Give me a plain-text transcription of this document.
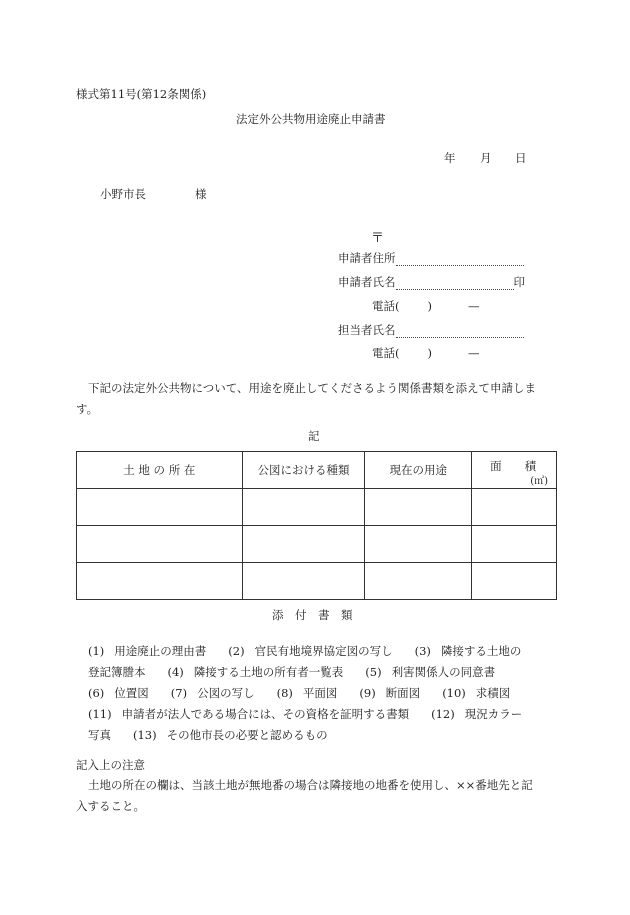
様式第11号(第12条関係)
法定外公共物用途廃止申請書
年 月 日
小野市長	様
〒
申請者住所
申請者氏名	印
電話( )	—
担当者氏名
電話( )	—
下記の法定外公共物について、用途を廃止してくださるよう関係書類を添えて申請しま
す。
記
土 地 の 所 在	公図における種類	現在の用途	面　　積
(㎡)

添　付　書　類
(1) 用途廃止の理由書 (2) 官民有地境界協定図の写し (3) 隣接する土地の
登記簿謄本 (4) 隣接する土地の所有者一覧表 (5) 利害関係人の同意書
(6) 位置図 (7) 公図の写し (8) 平面図 (9) 断面図 (10) 求積図
(11) 申請者が法人である場合には、その資格を証明する書類 (12) 現況カラー
写真 (13) その他市長の必要と認めるもの
記入上の注意
土地の所在の欄は、当該土地が無地番の場合は隣接地の地番を使用し、××番地先と記
入すること。
